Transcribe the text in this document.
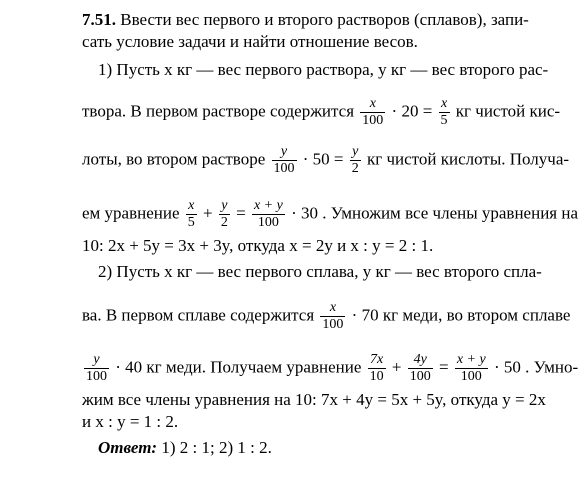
7.51. Ввести вес первого и второго растворов (сплавов), запи-
сать условие задачи и найти отношение весов.
1) Пусть x кг — вес первого раствора, y кг — вес второго рас-
твора. В первом растворе содержится $\frac{x}{100} \cdot 20 = \frac{x}{5}$ кг чистой кис-
лоты, во втором растворе $\frac{y}{100} \cdot 50 = \frac{y}{2}$ кг чистой кислоты. Получа-
ем уравнение $\frac{x}{5} + \frac{y}{2} = \frac{x + y}{100} \cdot 30$ . Умножим все члены уравнения на
10: 2x + 5y = 3x + 3y, откуда x = 2y и x : y = 2 : 1.
2) Пусть x кг — вес первого сплава, y кг — вес второго спла-
ва. В первом сплаве содержится $\frac{x}{100} \cdot 70$ кг меди, во втором сплаве
$\frac{y}{100} \cdot 40$ кг меди. Получаем уравнение $\frac{7x}{10} + \frac{4y}{100} = \frac{x + y}{100} \cdot 50$ . Умно-
жим все члены уравнения на 10: 7x + 4y = 5x + 5y, откуда y = 2x
и x : y = 1 : 2.
Ответ: 1) 2 : 1; 2) 1 : 2.
